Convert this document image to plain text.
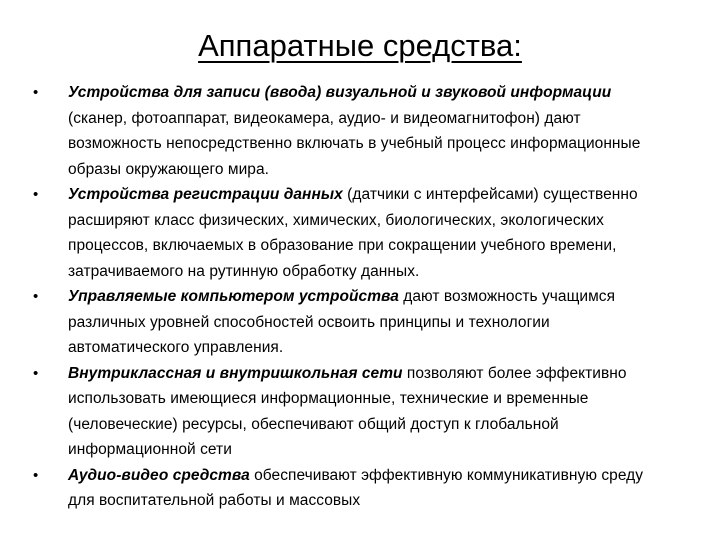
Аппаратные средства:
• Устройства для записи (ввода) визуальной и звуковой информации (сканер, фотоаппарат, видеокамера, аудио- и видеомагнитофон) дают возможность непосредственно включать в учебный процесс информационные образы окружающего мира.
• Устройства регистрации данных (датчики с интерфейсами) существенно расширяют класс физических, химических, биологических, экологических процессов, включаемых в образование при сокращении учебного времени, затрачиваемого на рутинную обработку данных.
• Управляемые компьютером устройства дают возможность учащимся различных уровней способностей освоить принципы и технологии автоматического управления.
• Внутриклассная и внутришкольная сети позволяют более эффективно использовать имеющиеся информационные, технические и временные (человеческие) ресурсы, обеспечивают общий доступ к глобальной информационной сети
• Аудио-видео средства обеспечивают эффективную коммуникативную среду для воспитательной работы и массовых
